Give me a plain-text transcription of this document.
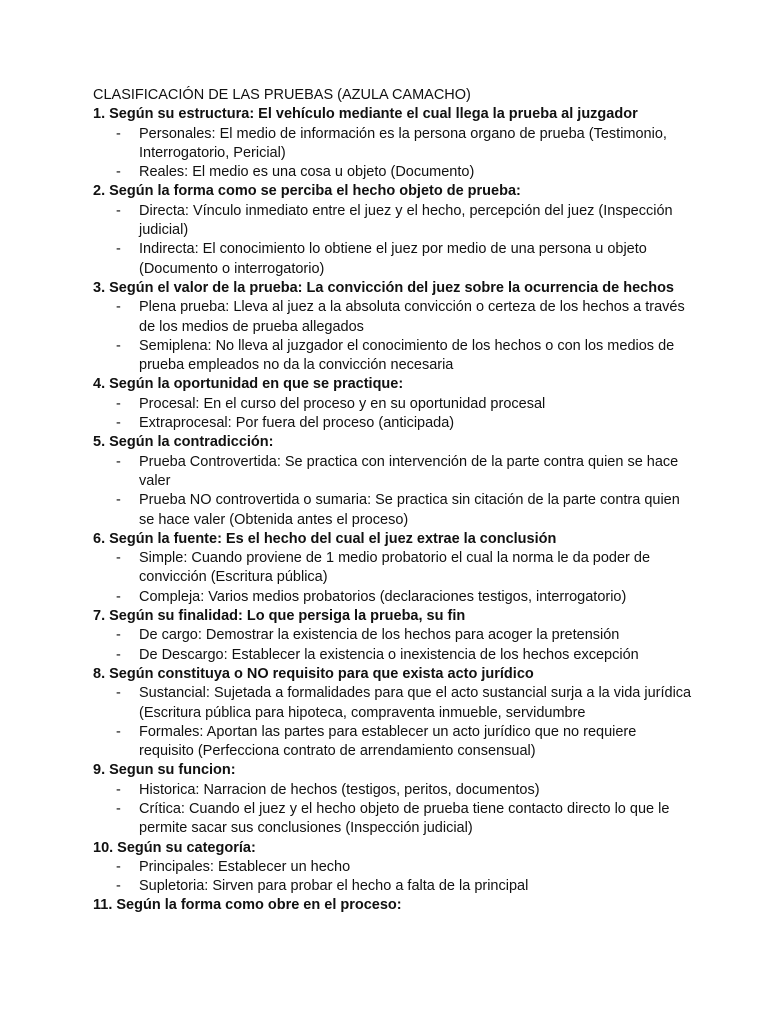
CLASIFICACIÓN DE LAS PRUEBAS (AZULA CAMACHO)
1. Según su estructura: El vehículo mediante el cual llega la prueba al juzgador
- Personales: El medio de información es la persona organo de prueba (Testimonio, Interrogatorio, Pericial)
- Reales: El medio es una cosa u objeto (Documento)
2. Según la forma como se perciba el hecho objeto de prueba:
- Directa: Vínculo inmediato entre el juez y el hecho, percepción del juez (Inspección judicial)
- Indirecta: El conocimiento lo obtiene el juez por medio de una persona u objeto (Documento o interrogatorio)
3. Según el valor de la prueba: La convicción del juez sobre la ocurrencia de hechos
- Plena prueba: Lleva al juez a la absoluta convicción o certeza de los hechos a través de los medios de prueba allegados
- Semiplena: No lleva al juzgador el conocimiento de los hechos o con los medios de prueba empleados no da la convicción necesaria
4. Según la oportunidad en que se practique:
- Procesal: En el curso del proceso y en su oportunidad procesal
- Extraprocesal: Por fuera del proceso (anticipada)
5. Según la contradicción:
- Prueba Controvertida: Se practica con intervención de la parte contra quien se hace valer
- Prueba NO controvertida o sumaria: Se practica sin citación de la parte contra quien se hace valer (Obtenida antes el proceso)
6. Según la fuente: Es el hecho del cual el juez extrae la conclusión
- Simple: Cuando proviene de 1 medio probatorio el cual la norma le da poder de convicción (Escritura pública)
- Compleja: Varios medios probatorios (declaraciones testigos, interrogatorio)
7. Según su finalidad: Lo que persiga la prueba, su fin
- De cargo: Demostrar la existencia de los hechos para acoger la pretensión
- De Descargo: Establecer la existencia o inexistencia de los hechos excepción
8. Según constituya o NO requisito para que exista acto jurídico
- Sustancial: Sujetada a formalidades para que el acto sustancial surja a la vida jurídica (Escritura pública para hipoteca, compraventa inmueble, servidumbre
- Formales: Aportan las partes para establecer un acto jurídico que no requiere requisito (Perfecciona contrato de arrendamiento consensual)
9. Segun su funcion:
- Historica: Narracion de hechos (testigos, peritos, documentos)
- Crítica: Cuando el juez y el hecho objeto de prueba tiene contacto directo lo que le permite sacar sus conclusiones (Inspección judicial)
10. Según su categoría:
- Principales: Establecer un hecho
- Supletoria: Sirven para probar el hecho a falta de la principal
11. Según la forma como obre en el proceso:
